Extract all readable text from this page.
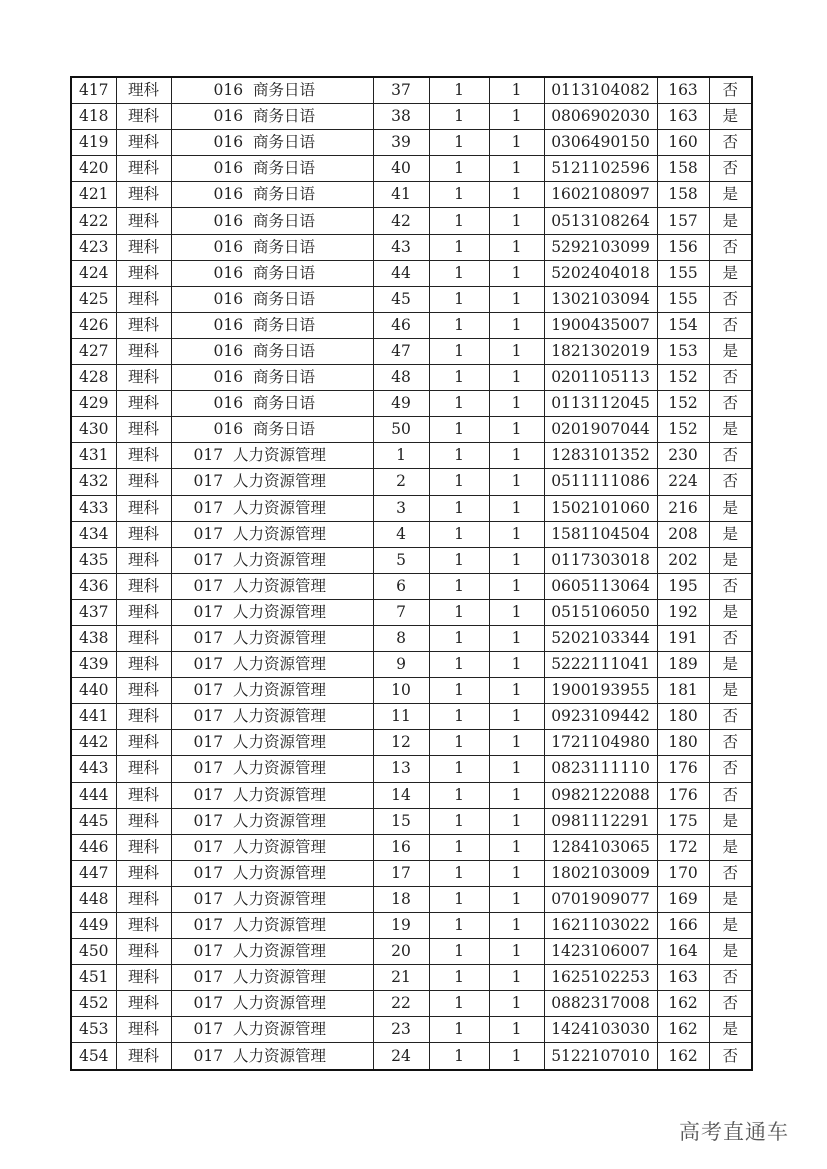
417	理科	016  商务日语	37	1	1	0113104082	163	否
418	理科	016  商务日语	38	1	1	0806902030	163	是
419	理科	016  商务日语	39	1	1	0306490150	160	否
420	理科	016  商务日语	40	1	1	5121102596	158	否
421	理科	016  商务日语	41	1	1	1602108097	158	是
422	理科	016  商务日语	42	1	1	0513108264	157	是
423	理科	016  商务日语	43	1	1	5292103099	156	否
424	理科	016  商务日语	44	1	1	5202404018	155	是
425	理科	016  商务日语	45	1	1	1302103094	155	否
426	理科	016  商务日语	46	1	1	1900435007	154	否
427	理科	016  商务日语	47	1	1	1821302019	153	是
428	理科	016  商务日语	48	1	1	0201105113	152	否
429	理科	016  商务日语	49	1	1	0113112045	152	否
430	理科	016  商务日语	50	1	1	0201907044	152	是
431	理科	017  人力资源管理	1	1	1	1283101352	230	否
432	理科	017  人力资源管理	2	1	1	0511111086	224	否
433	理科	017  人力资源管理	3	1	1	1502101060	216	是
434	理科	017  人力资源管理	4	1	1	1581104504	208	是
435	理科	017  人力资源管理	5	1	1	0117303018	202	是
436	理科	017  人力资源管理	6	1	1	0605113064	195	否
437	理科	017  人力资源管理	7	1	1	0515106050	192	是
438	理科	017  人力资源管理	8	1	1	5202103344	191	否
439	理科	017  人力资源管理	9	1	1	5222111041	189	是
440	理科	017  人力资源管理	10	1	1	1900193955	181	是
441	理科	017  人力资源管理	11	1	1	0923109442	180	否
442	理科	017  人力资源管理	12	1	1	1721104980	180	否
443	理科	017  人力资源管理	13	1	1	0823111110	176	否
444	理科	017  人力资源管理	14	1	1	0982122088	176	否
445	理科	017  人力资源管理	15	1	1	0981112291	175	是
446	理科	017  人力资源管理	16	1	1	1284103065	172	是
447	理科	017  人力资源管理	17	1	1	1802103009	170	否
448	理科	017  人力资源管理	18	1	1	0701909077	169	是
449	理科	017  人力资源管理	19	1	1	1621103022	166	是
450	理科	017  人力资源管理	20	1	1	1423106007	164	是
451	理科	017  人力资源管理	21	1	1	1625102253	163	否
452	理科	017  人力资源管理	22	1	1	0882317008	162	否
453	理科	017  人力资源管理	23	1	1	1424103030	162	是
454	理科	017  人力资源管理	24	1	1	5122107010	162	否
高考直通车
